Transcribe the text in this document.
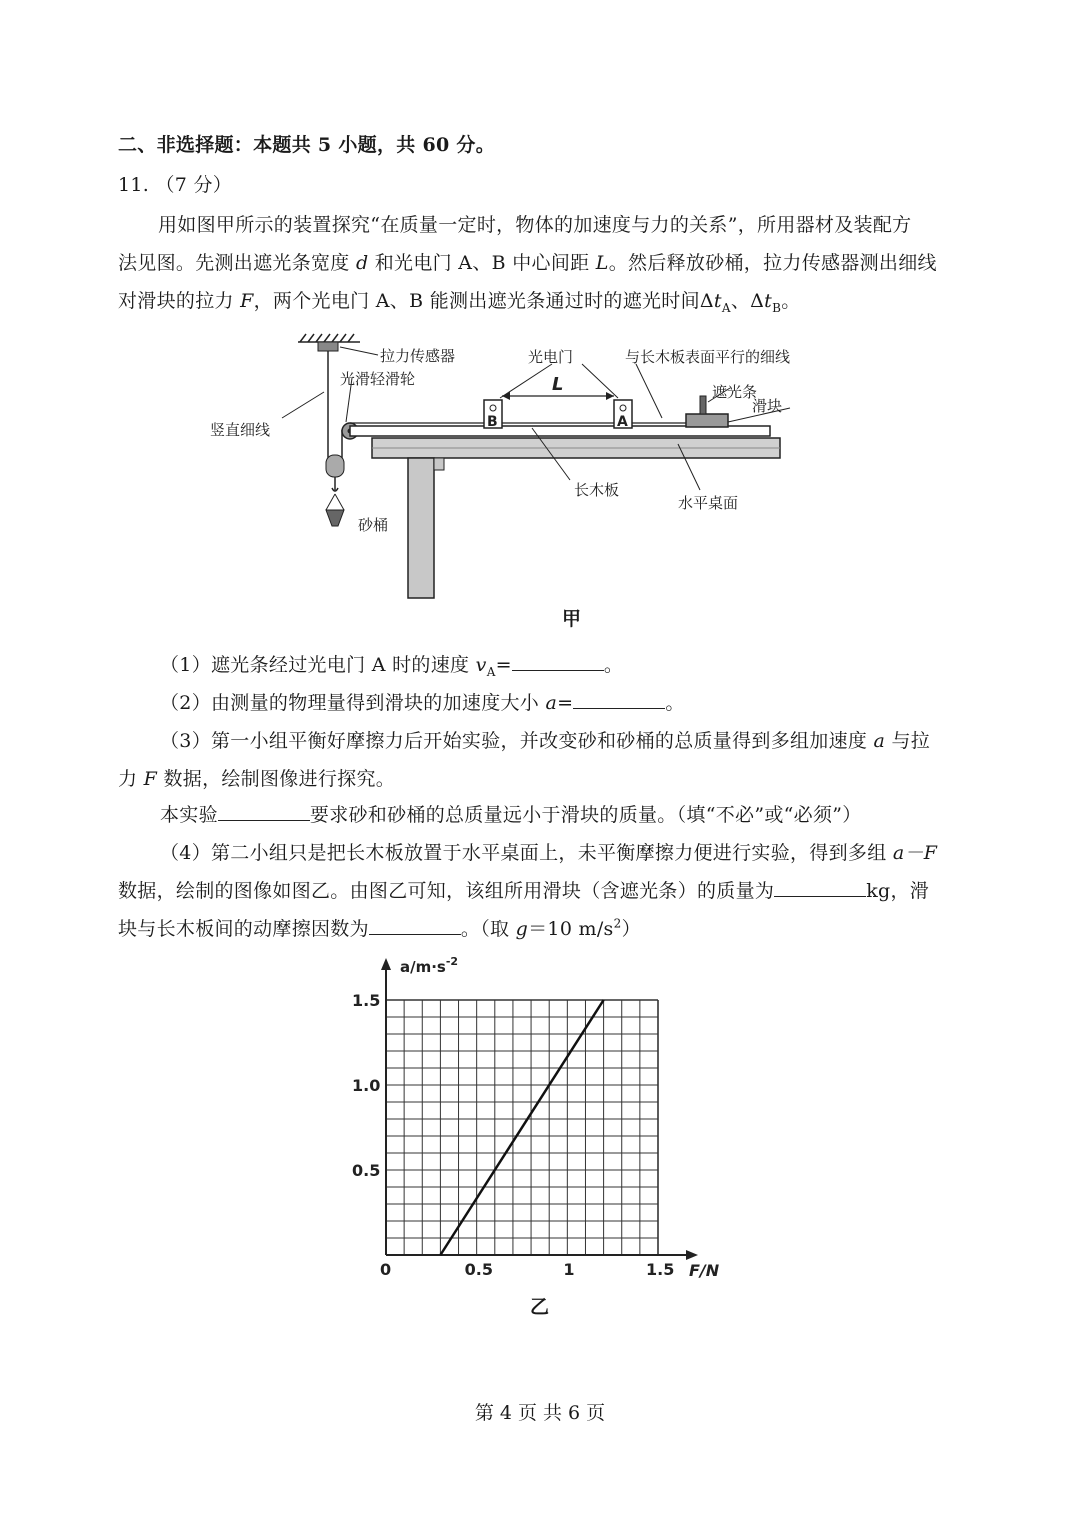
二、非选择题：本题共 5 小题，共 60 分。
11. （7 分）
用如图甲所示的装置探究“在质量一定时，物体的加速度与力的关系”，所用器材及装配方
法见图。先测出遮光条宽度 d 和光电门 A、B 中心间距 L。然后释放砂桶，拉力传感器测出细线
对滑块的拉力 F，两个光电门 A、B 能测出遮光条通过时的遮光时间$\Delta t_A$、$\Delta t_B$。
B	A
L
拉力传感器
光滑轻滑轮
竖直细线
砂桶
光电门	与长木板表面平行的细线
遮光条
滑块
长木板
水平桌面
甲
（1）遮光条经过光电门 A 时的速度 $v_A=$	。
（2）由测量的物理量得到滑块的加速度大小 a=	。
（3）第一小组平衡好摩擦力后开始实验，并改变砂和砂桶的总质量得到多组加速度 a 与拉
力 F 数据，绘制图像进行探究。
本实验	要求砂和砂桶的总质量远小于滑块的质量。（填“不必”或“必须”）
（4）第二小组只是把长木板放置于水平桌面上，未平衡摩擦力便进行实验，得到多组 a－F
数据，绘制的图像如图乙。由图乙可知，该组所用滑块（含遮光条）的质量为	kg，滑
块与长木板间的动摩擦因数为	。（取 g＝10 $m/s^2$）
0.5	1	1.5
0.5
1.0
1.5
0	F/N
$a/m\cdot s^{-2}$
乙
第 4 页 共 6 页
